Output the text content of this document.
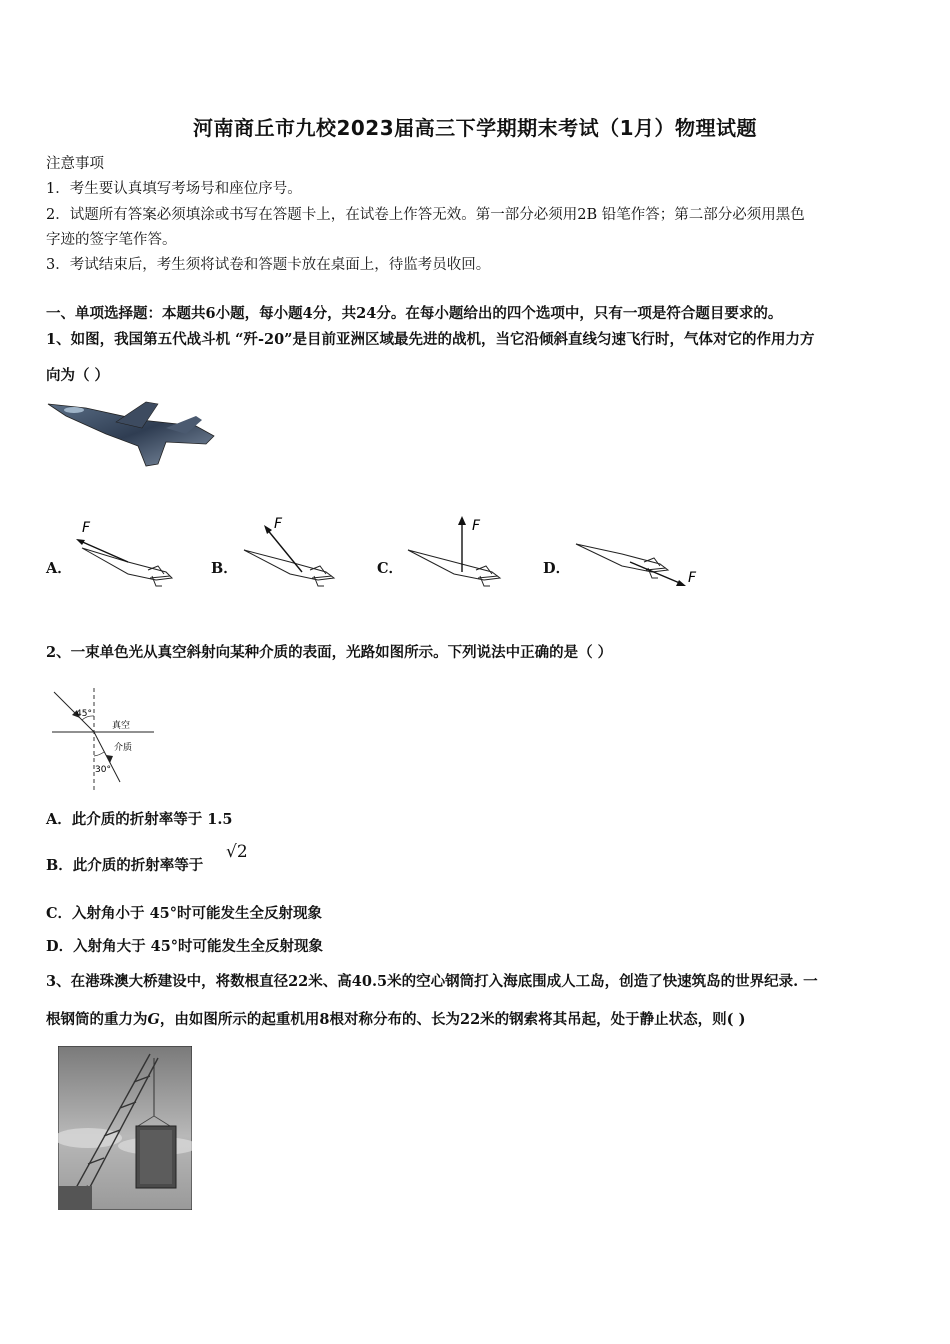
河南商丘市九校2023届高三下学期期末考试（1月）物理试题
注意事项
1．考生要认真填写考场号和座位序号。
2．试题所有答案必须填涂或书写在答题卡上，在试卷上作答无效。第一部分必须用2B 铅笔作答；第二部分必须用黑色
字迹的签字笔作答。
3．考试结束后，考生须将试卷和答题卡放在桌面上，待监考员收回。
一、单项选择题：本题共6小题，每小题4分，共24分。在每小题给出的四个选项中，只有一项是符合题目要求的。
1、如图，我国第五代战斗机 “歼-20”是目前亚洲区域最先进的战机，当它沿倾斜直线匀速飞行时，气体对它的作用力方
向为（ ）
A．
F
B．
F
C．
F
D．
F
2、一束单色光从真空斜射向某种介质的表面，光路如图所示。下列说法中正确的是（ ）
45°
30°
真空
介质
A．此介质的折射率等于 1.5
B．此介质的折射率等于
√2
C．入射角小于 45°时可能发生全反射现象
D．入射角大于 45°时可能发生全反射现象
3、在港珠澳大桥建设中，将数根直径22米、高40.5米的空心钢筒打入海底围成人工岛，创造了快速筑岛的世界纪录. 一
根钢筒的重力为G，由如图所示的起重机用8根对称分布的、长为22米的钢索将其吊起，处于静止状态，则( )
